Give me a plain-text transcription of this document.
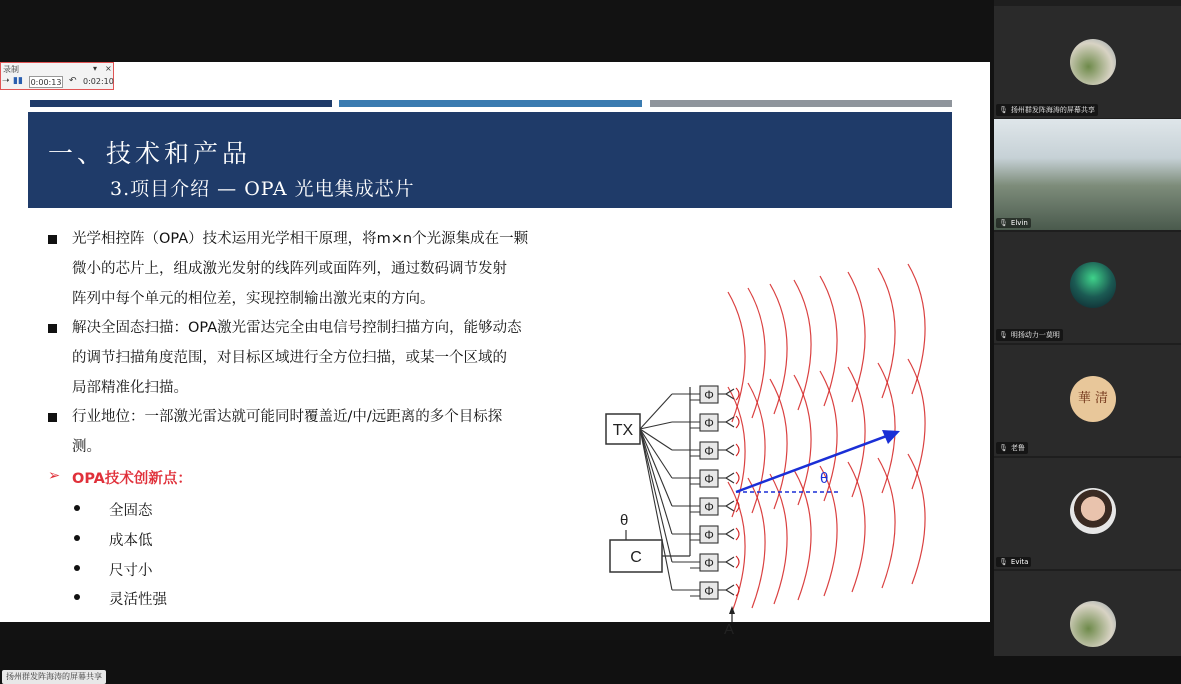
一、技术和产品
3.项目介绍 — OPA 光电集成芯片
光学相控阵（OPA）技术运用光学相干原理，将m×n个光源集成在一颗
微小的芯片上，组成激光发射的线阵列或面阵列，通过数码调节发射
阵列中每个单元的相位差，实现控制输出激光束的方向。
解决全固态扫描：OPA激光雷达完全由电信号控制扫描方向，能够动态
的调节扫描角度范围，对目标区域进行全方位扫描，或某一个区域的
局部精准化扫描。
行业地位：一部激光雷达就可能同时覆盖近/中/远距离的多个目标探
测。
➢ OPA技术创新点：
全固态
成本低
尺寸小
灵活性强
TX
C
θ
Φ
Φ
Φ
Φ
Φ
Φ
Φ
Φ
θ
A
扬州群发阵海涛的屏幕共享
录制	▾ ×
➝ ▮▮ 0:00:13 ↶ 0:02:10
🎙 扬州群发阵海涛的屏幕共享
🎙 Elvin
🎙 明扬动力一莫明
華 清
🎙 老鲁
🎙 Evita
